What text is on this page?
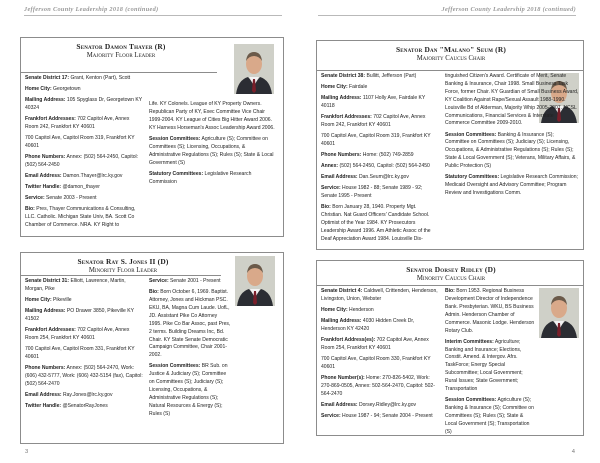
Jefferson County Leadership 2018 (continued)
Senator Damon Thayer (R)
Majority Floor Leader

Senate District 17: Grant, Kenton (Part), Scott

Home City: Georgetown

Mailing Address: 105 Spyglass Dr, Georgetown KY 40324

Frankfort Addresses: 702 Capitol Ave, Annex Room 242, Frankfort KY 40601

700 Capitol Ave, Capitol Room 319, Frankfort KY 40601

Phone Numbers: Annex: (502) 564-2450, Capitol: (502) 564-2450

Email Address: Damon.Thayer@lrc.ky.gov

Twitter Handle: @damon_thayer

Service: Senate 2003 - Present

Bio: Pres, Thayer Communications & Consulting, LLC. Catholic. Michigan State Univ, BA. Scott Co Chamber of Commerce. NRA. KY Right to

Life. KY Colonels. League of KY Property Owners. Republican Party of KY, Exec Committee Vice Chair 1999-2004. KY League of Cities Big Hitter Award 2006. KY Harness Horseman's Assoc Leadership Award 2006.

Session Committees: Agriculture (S); Committee on Committees (S); Licensing, Occupations, & Administrative Regulations (S); Rules (S); State & Local Government (S)

Statutory Committees: Legislative Research Commission

Senator Ray S. Jones II (D)
Minority Floor Leader

Senate District 31: Elliott, Lawrence, Martin, Morgan, Pike

Home City: Pikeville

Mailing Address: PO Drawer 3850, Pikeville KY 41502

Frankfort Addresses: 702 Capitol Ave, Annex Room 254, Frankfort KY 40601

700 Capitol Ave, Capitol Room 331, Frankfort KY 40601

Phone Numbers: Annex: (502) 564-2470, Work: (606) 432-5777, Work: (606) 432-5154 (fax), Capitol: (502) 564-2470

Email Address: Ray.Jones@lrc.ky.gov

Twitter Handle: @SenatorRayJones

Service: Senate 2001 - Present

Bio: Born October 6, 1969. Baptist. Attorney, Jones and Hickman PSC. EKU, BA, Magna Cum Laude. UofL, JD. Assistant Pike Co Attorney 1995. Pike Co Bar Assoc, past Pres, 2 terms. Building Dreams Inc, Bd. Chair. KY State Senate Democratic Campaign Committee, Chair 2001-2002.

Session Committees: BR Sub. on Justice & Judiciary (S); Committee on Committees (S); Judiciary (S); Licensing, Occupations, & Administrative Regulations (S); Natural Resources & Energy (S); Rules (S)

3
Jefferson County Leadership 2018 (continued)
Senator Dan "Malano" Seum (R)
Majority Caucus Chair

Senate District 38: Bullitt, Jefferson (Part)

Home City: Fairdale

Mailing Address: 1107 Holly Ave, Fairdale KY 40118

Frankfort Addresses: 702 Capitol Ave, Annex Room 242, Frankfort KY 40601

700 Capitol Ave, Capitol Room 319, Frankfort KY 40601

Phone Numbers: Home: (502) 749-2859

Annex: (502) 564-2450, Capitol: (502) 564-2450

Email Address: Dan.Seum@lrc.ky.gov

Service: House 1982 - 88; Senate 1989 - 92; Senate 1995 - Present

Bio: Born January 28, 1940. Property Mgt. Christian. Nat Guard Officers' Candidate School. Optimist of the Year 1984. KY Prosecutors Leadership Award 1996. Am Athletic Assoc of the Deaf Appreciation Award 1984. Louisville Dis-

tinguished Citizen's Award. Certificate of Merit, Senate Banking & Insurance, Chair 1998. Small Business Task Force, former Chair. KY Guardian of Small Business Award, KY Coalition Against Rape/Sexual Assault 1988-1990. Louisville Bd of Alderman, Majority Whip 2005-2007. NCSL Communications, Financial Services & Interstate Commerce Committee 2009-2010.

Session Committees: Banking & Insurance (S); Committee on Committees (S); Judiciary (S); Licensing, Occupations, & Administrative Regulations (S); Rules (S); State & Local Government (S); Veterans, Military Affairs, & Public Protection (S)

Statutory Committees: Legislative Research Commission; Medicaid Oversight and Advisory Committee; Program Review and Investigations Comm.

Senator Dorsey Ridley (D)
Minority Caucus Chair

Senate District 4: Caldwell, Crittenden, Henderson, Livingston, Union, Webster

Home City: Henderson

Mailing Address: 4030 Hidden Creek Dr, Henderson KY 42420

Frankfort Address(es): 702 Capitol Ave, Annex Room 254, Frankfort KY 40601

700 Capitol Ave, Capitol Room 330, Frankfort KY 40601

Phone Number(s): Home: 270-826-5402, Work: 270-869-0505, Annex: 502-564-2470, Capitol: 502-564-2470

Email Address: Dorsey.Ridley@lrc.ky.gov

Service: House 1987 - 94; Senate 2004 - Present

Bio: Born 1953. Regional Business Development Director of Independence Bank. Presbyterian. WKU, BS Business Admin. Henderson Chamber of Commerce. Masonic Lodge. Henderson Rotary Club.

Interim Committees: Agriculture; Banking and Insurance; Elections, Constit. Amend. & Intergov. Afrs. TaskForce; Energy Special Subcommittee; Local Government; Rural Issues; State Government; Transportation

Session Committees: Agriculture (S); Banking & Insurance (S); Committee on Committees (S); Rules (S); State & Local Government (S); Transportation (S)

4
